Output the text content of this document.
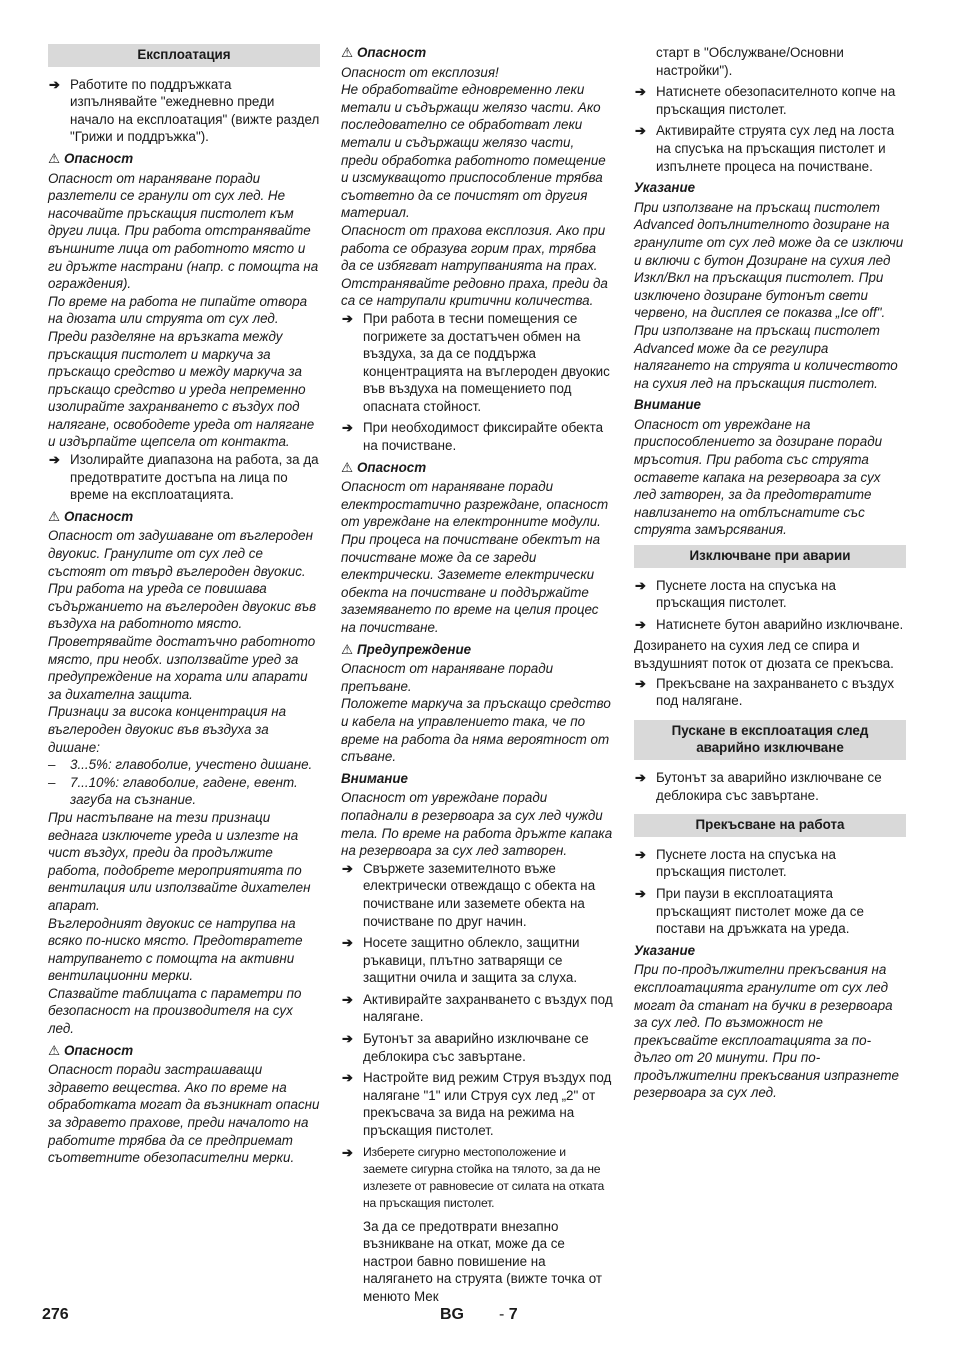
Експлоатация
➔ Работите по поддръжката изпълнявайте "ежедневно преди начало на експлоатация" (вижте раздел "Грижи и поддръжка").
⚠ Опасност

Опасност от нараняване поради разлетели се гранули от сух лед. Не насочвайте пръскащия пистолет към други лица. При работа отстранявайте външните лица от работното място и ги дръжте настрани (напр. с помощта на ограждения).

По време на работа не пипайте отвора на дюзата или струята от сух лед. Преди разделяне на връзката между пръскащия пистолет и маркуча за пръскащо средство и между маркуча за пръскащо средство и уреда непременно изолирайте захранването с въздух под налягане, освободете уреда от налягане и издърпайте щепсела от контакта.

➔ Изолирайте диапазона на работа, за да предотвратите достъпа на лица по време на експлоатацията.
⚠ Опасност

Опасност от задушаване от въглероден двуокис. Гранулите от сух лед се състоят от твърд въглероден двуокис. При работа на уреда се повишава съдържанието на въглероден двуокис във въздуха на работното място. Проветрявайте достатъчно работното място, при необх. използвайте уред за предупреждение на хората или апарати за дихателна защита.

Признаци за висока концентрация на въглероден двуокис във въздуха за дишане:

– 3...5%: главоболие, учестено дишане.
– 7...10%: главоболие, гадене, евент. загуба на съзнание.

При настъпване на тези признаци веднага изключете уреда и излезте на чист въздух, преди да продължите работа, подобрете мероприятията по вентилация или използвайте дихателен апарат.

Въглеродният двуокис се натрупва на всяко по-ниско място. Предотвратете натрупването с помощта на активни вентилационни мерки.

Спазвайте таблицата с параметри по безопасност на производителя на сух лед.

⚠ Опасност

Опасност поради застрашаващи здравето вещества. Ако по време на обработката могат да възникнат опасни за здравето прахове, преди началото на работите трябва да се предприемат съответните обезопасителни мерки.

⚠ Опасност

Опасност от експлозия!

Не обработвайте едновременно леки метали и съдържащи желязо части. Ако последователно се обработват леки метали и съдържащи желязо части, преди обработка работното помещение и изсмукващото приспособление трябва съответно да се почистят от другия материал.

Опасност от прахова експлозия. Ако при работа се образува горим прах, трябва да се избягват натрупванията на прах. Отстранявайте редовно праха, преди да са се натрупали критични количества.

➔ При работа в тесни помещения се погрижете за достатъчен обмен на въздуха, за да се поддържа концентрацията на въглероден двуокис във въздуха на помещението под опасната стойност.
➔ При необходимост фиксирайте обекта на почистване.
⚠ Опасност

Опасност от нараняване поради електростатично разреждане, опасност от увреждане на електронните модули. При процеса на почистване обектът на почистване може да се зареди електрически. Заземете електрически обекта на почистване и поддържайте заземяването по време на целия процес на почистване.

⚠ Предупреждение

Опасност от нараняване поради препъване.

Положете маркуча за пръскащо средство и кабела на управлението така, че по време на работа да няма вероятност от спъване.

Внимание

Опасност от увреждане поради попаднали в резервоара за сух лед чужди тела. По време на работа дръжте капака на резервоара за сух лед затворен.

➔ Свържете заземителното въже електрически отвеждащо с обекта на почистване или заземете обекта на почистване по друг начин.
➔ Носете защитно облекло, защитни ръкавици, плътно затварящи се защитни очила и защита за слуха.
➔ Активирайте захранването с въздух под налягане.
➔ Бутонът за аварийно изключване се деблокира със завъртане.
➔ Настройте вид режим Струя въздух под налягане "1" или Струя сух лед „2" от прекъсвача за вида на режима на пръскащия пистолет.
➔ Изберете сигурно местоположение и заемете сигурна стойка на тялото, за да не излезете от равновесие от силата на отката на пръскащия пистолет.
За да се предотврати внезапно възникване на откат, може да се настрои бавно повишение на налягането на струята (вижте точка от менюто Мек
старт в "Обслужване/Основни настройки").
➔ Натиснете обезопасителното копче на пръскащия пистолет.
➔ Активирайте струята сух лед на лоста на спусъка на пръскащия пистолет и изпълнете процеса на почистване.
Указание

При използване на пръскащ пистолет Advanced допълнителното дозиране на гранулите от сух лед може да се изключи и включи с бутон Дозиране на сухия лед Изкл/Вкл на пръскащия пистолет. При изключено дозиране бутонът свети червено, на дисплея се показва „Ice off".

При използване на пръскащ пистолет Advanced може да се регулира налягането на струята и количеството на сухия лед на пръскащия пистолет.

Внимание

Опасност от увреждане на приспособлението за дозиране поради мръсотия. При работа със струята оставете капака на резервоара за сух лед затворен, за да предотвратите навлизането на отблъснатите със струята замърсявания.

Изключване при аварии
➔ Пуснете лоста на спусъка на пръскащия пистолет.
➔ Натиснете бутон аварийно изключване.

Дозирането на сухия лед се спира и въздушният поток от дюзата се прекъсва.

➔ Прекъсване на захранването с въздух под налягане.
Пускане в експлоатация след аварийно изключване
➔ Бутонът за аварийно изключване се деблокира със завъртане.
Прекъсване на работа
➔ Пуснете лоста на спусъка на пръскащия пистолет.
➔ При паузи в експлоатацията пръскащият пистолет може да се постави на дръжката на уреда.
Указание

При по-продължителни прекъсвания на експлоатацията гранулите от сух лед могат да станат на бучки в резервоара за сух лед. По възможност не прекъсвайте експлоатацията за по-дълго от 20 минути. При по-продължителни прекъсвания изпразнете резервоара за сух лед.

276	BG - 7
